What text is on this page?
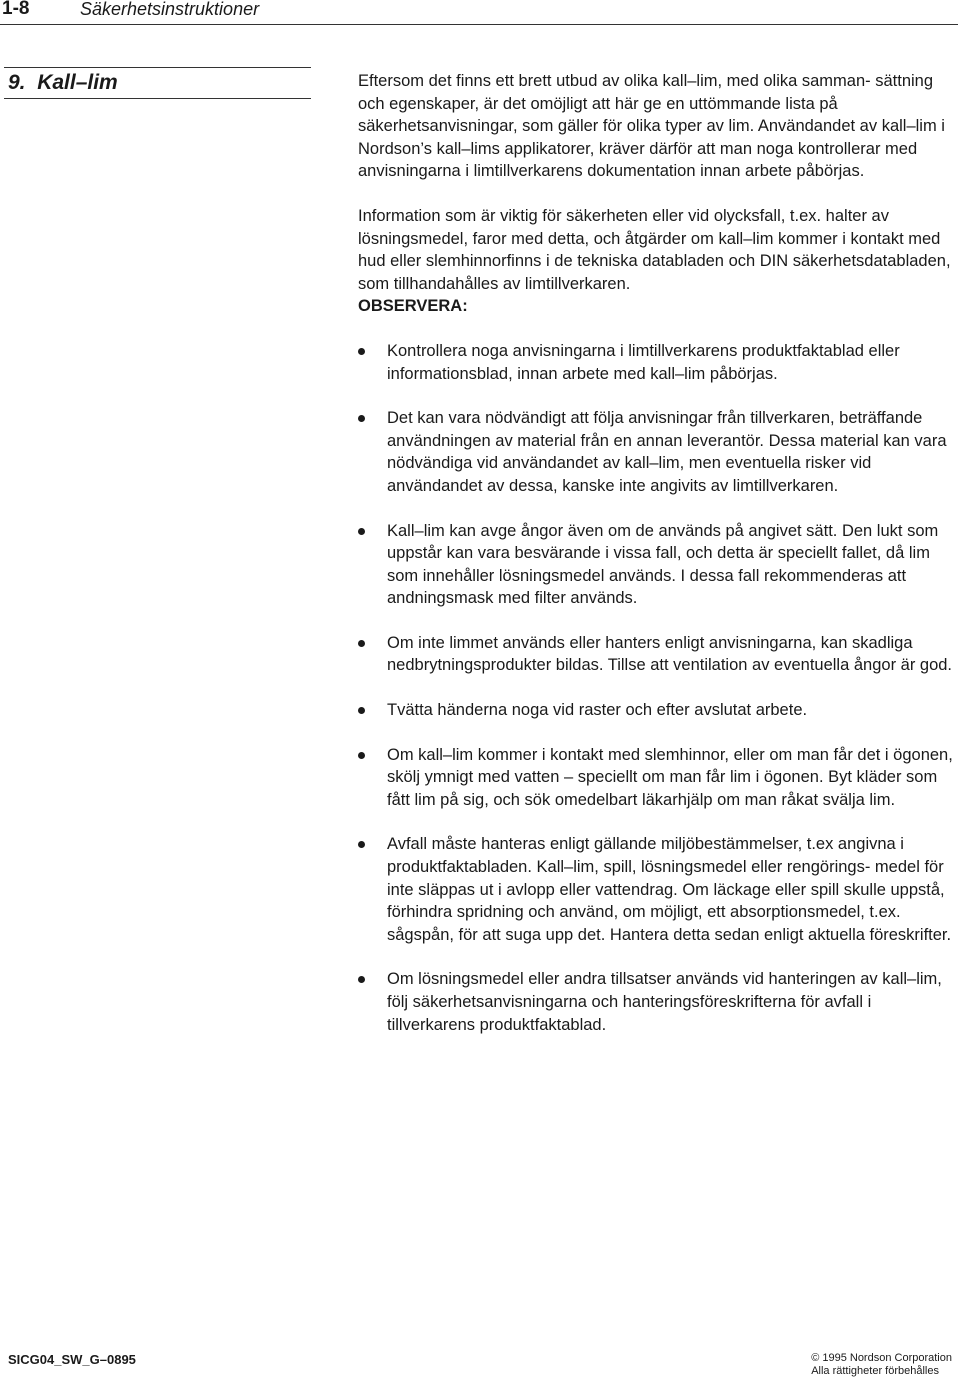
1-8	Säkerhetsinstruktioner
9. Kall–lim	Eftersom det finns ett brett utbud av olika kall–lim, med olika samman- sättning och egenskaper, är det omöjligt att här ge en uttömmande lista på säkerhetsanvisningar, som gäller för olika typer av lim. Användandet av kall–lim i Nordson’s kall–lims applikatorer, kräver därför att man noga kontrollerar med anvisningarna i limtillverkarens dokumentation innan arbete påbörjas.

Information som är viktig för säkerheten eller vid olycksfall, t.ex. halter av lösningsmedel, faror med detta, och åtgärder om kall–lim kommer i kontakt med hud eller slemhinnorfinns i de tekniska databladen och DIN säkerhetsdatabladen, som tillhandahålles av limtillverkaren.

OBSERVERA:

Kontrollera noga anvisningarna i limtillverkarens produktfaktablad eller informationsblad, innan arbete med kall–lim påbörjas.
Det kan vara nödvändigt att följa anvisningar från tillverkaren, beträffande användningen av material från en annan leverantör. Dessa material kan vara nödvändiga vid användandet av kall–lim, men eventuella risker vid användandet av dessa, kanske inte angivits av limtillverkaren.
Kall–lim kan avge ångor även om de används på angivet sätt. Den lukt som uppstår kan vara besvärande i vissa fall, och detta är speciellt fallet, då lim som innehåller lösningsmedel används. I dessa fall rekommenderas att andningsmask med filter används.
Om inte limmet används eller hanters enligt anvisningarna, kan skadliga nedbrytningsprodukter bildas. Tillse att ventilation av eventuella ångor är god.
Tvätta händerna noga vid raster och efter avslutat arbete.
Om kall–lim kommer i kontakt med slemhinnor, eller om man får det i ögonen, skölj ymnigt med vatten – speciellt om man får lim i ögonen. Byt kläder som fått lim på sig, och sök omedelbart läkarhjälp om man råkat svälja lim.
Avfall måste hanteras enligt gällande miljöbestämmelser, t.ex angivna i produktfaktabladen. Kall–lim, spill, lösningsmedel eller rengörings- medel för inte släppas ut i avlopp eller vattendrag. Om läckage eller spill skulle uppstå, förhindra spridning och använd, om möjligt, ett absorptionsmedel, t.ex. sågspån, för att suga upp det. Hantera detta sedan enligt aktuella föreskrifter.
Om lösningsmedel eller andra tillsatser används vid hanteringen av kall–lim, följ säkerhetsanvisningarna och hanteringsföreskrifterna för avfall i tillverkarens produktfaktablad.
SICG04_SW_G–0895	© 1995 Nordson Corporation
Alla rättigheter förbehålles
